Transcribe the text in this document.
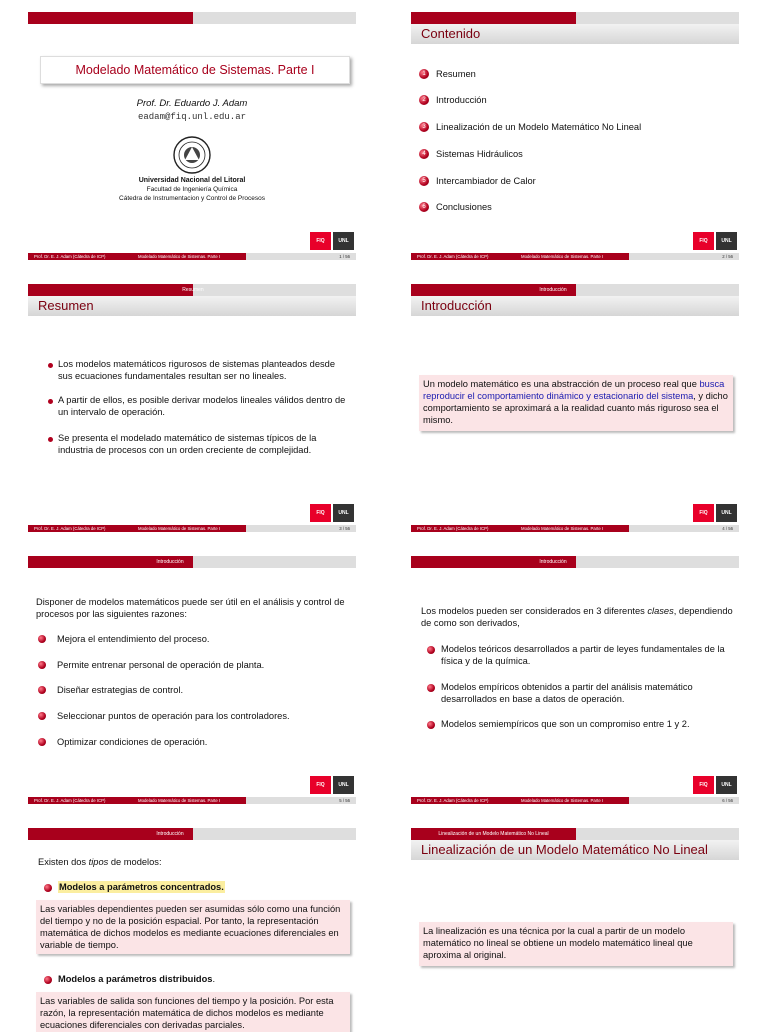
Modelado Matemático de Sistemas. Parte I
Prof. Dr. Eduardo J. Adam
eadam@fiq.unl.edu.ar
Universidad Nacional del Litoral
Facultad de Ingeniería Química
Cátedra de Instrumentacion y Control de Procesos
FIQ	UNL
Prof. Dr. E. J. Adam (Cátedra de ICP)	Modelado Matemático de Sistemas. Parte I	1 / 56
Contenido
1	Resumen
2	Introducción
3	Linealización de un Modelo Matemático No Lineal
4	Sistemas Hidráulicos
5	Intercambiador de Calor
6	Conclusiones
FIQ	UNL
Prof. Dr. E. J. Adam (Cátedra de ICP)	Modelado Matemático de Sistemas. Parte I	2 / 56
Resumen
Resumen
Los modelos matemáticos rigurosos de sistemas planteados desde sus ecuaciones fundamentales resultan ser no lineales.
A partir de ellos, es posible derivar modelos lineales válidos dentro de un intervalo de operación.
Se presenta el modelado matemático de sistemas típicos de la industria de procesos con un orden creciente de complejidad.
FIQ	UNL
Prof. Dr. E. J. Adam (Cátedra de ICP)	Modelado Matemático de Sistemas. Parte I	3 / 56
Introducción
Introducción
Un modelo matemático es una abstracción de un proceso real que busca reproducir el comportamiento dinámico y estacionario del sistema, y dicho comportamiento se aproximará a la realidad cuanto más riguroso sea el mismo.
FIQ	UNL
Prof. Dr. E. J. Adam (Cátedra de ICP)	Modelado Matemático de Sistemas. Parte I	4 / 56
Introducción
Disponer de modelos matemáticos puede ser útil en el análisis y control de procesos por las siguientes razones:
Mejora el entendimiento del proceso.
Permite entrenar personal de operación de planta.
Diseñar estrategias de control.
Seleccionar puntos de operación para los controladores.
Optimizar condiciones de operación.
FIQ	UNL
Prof. Dr. E. J. Adam (Cátedra de ICP)	Modelado Matemático de Sistemas. Parte I	5 / 56
Introducción
Los modelos pueden ser considerados en 3 diferentes clases, dependiendo de como son derivados,
Modelos teóricos desarrollados a partir de leyes fundamentales de la física y de la química.
Modelos empíricos obtenidos a partir del análisis matemático desarrollados en base a datos de operación.
Modelos semiempíricos que son un compromiso entre 1 y 2.
FIQ	UNL
Prof. Dr. E. J. Adam (Cátedra de ICP)	Modelado Matemático de Sistemas. Parte I	6 / 56
Introducción
Existen dos tipos de modelos:
Modelos a parámetros concentrados.
Las variables dependientes pueden ser asumidas sólo como una función del tiempo y no de la posición espacial. Por tanto, la representación matemática de dichos modelos es mediante ecuaciones diferenciales en variable de tiempo.
Modelos a parámetros distribuidos.
Las variables de salida son funciones del tiempo y la posición. Por esta razón, la representación matemática de dichos modelos es mediante ecuaciones diferenciales con derivadas parciales.
Linealización de un Modelo Matemático No Lineal
Linealización de un Modelo Matemático No Lineal
La linealización es una técnica por la cual a partir de un modelo matemático no lineal se obtiene un modelo matemático lineal que aproxima al original.
